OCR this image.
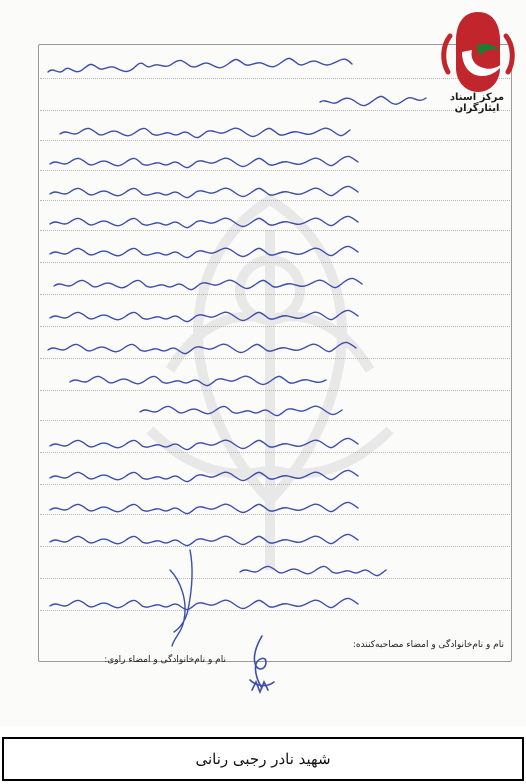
مرکز اسناد ایثارگران
نام و نام‌خانوادگی و امضاء مصاحبه‌کننده:
نام و نام‌خانوادگی و امضاء راوی:
شهید نادر رجبی رنانی
